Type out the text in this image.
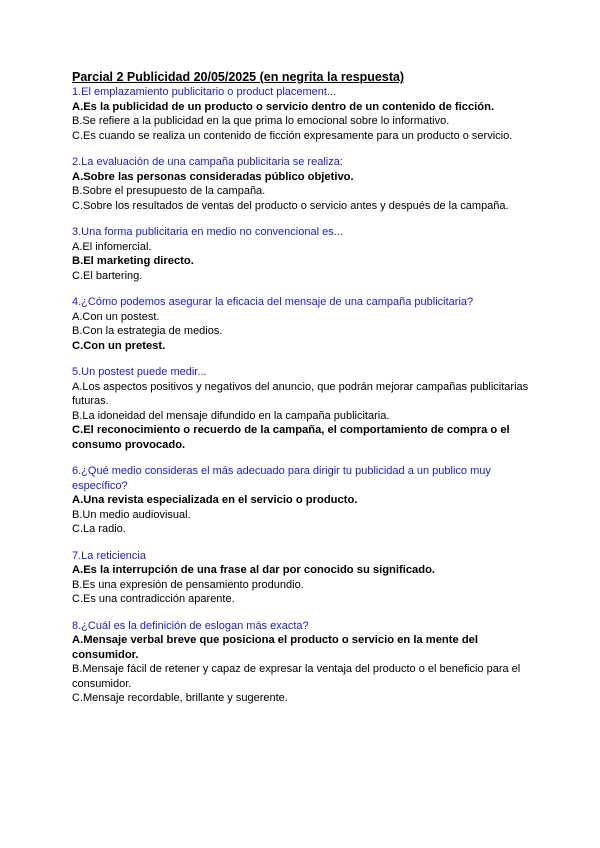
Parcial 2 Publicidad 20/05/2025 (en negrita la respuesta)

1.El emplazamiento publicitario o product placement...

A.Es la publicidad de un producto o servicio dentro de un contenido de ficción.

B.Se refiere a la publicidad en la que prima lo emocional sobre lo informativo.

C.Es cuando se realiza un contenido de ficción expresamente para un producto o servicio.

2.La evaluación de una campaña publicitaria se realiza:

A.Sobre las personas consideradas público objetivo.

B.Sobre el presupuesto de la campaña.

C.Sobre los resultados de ventas del producto o servicio antes y después de la campaña.

3.Una forma publicitaria en medio no convencional es...

A.El infomercial.

B.El marketing directo.

C.El bartering.

4.¿Cómo podemos asegurar la eficacia del mensaje de una campaña publicitaria?

A.Con un postest.

B.Con la estrategia de medios.

C.Con un pretest.

5.Un postest puede medir...

A.Los aspectos positivos y negativos del anuncio, que podrán mejorar campañas publicitarias futuras.

B.La idoneidad del mensaje difundido en la campaña publicitaria.

C.El reconocimiento o recuerdo de la campaña, el comportamiento de compra o el consumo provocado.

6.¿Qué medio consideras el más adecuado para dirigir tu publicidad a un publico muy específico?

A.Una revista especializada en el servicio o producto.

B.Un medio audiovisual.

C.La radio.

7.La reticiencia

A.Es la interrupción de una frase al dar por conocido su significado.

B.Es una expresión de pensamiento produndio.

C.Es una contradicción aparente.

8.¿Cuál es la definición de eslogan más exacta?

A.Mensaje verbal breve que posiciona el producto o servicio en la mente del consumidor.

B.Mensaje fácil de retener y capaz de expresar la ventaja del producto o el beneficio para el consumidor.

C.Mensaje recordable, brillante y sugerente.
